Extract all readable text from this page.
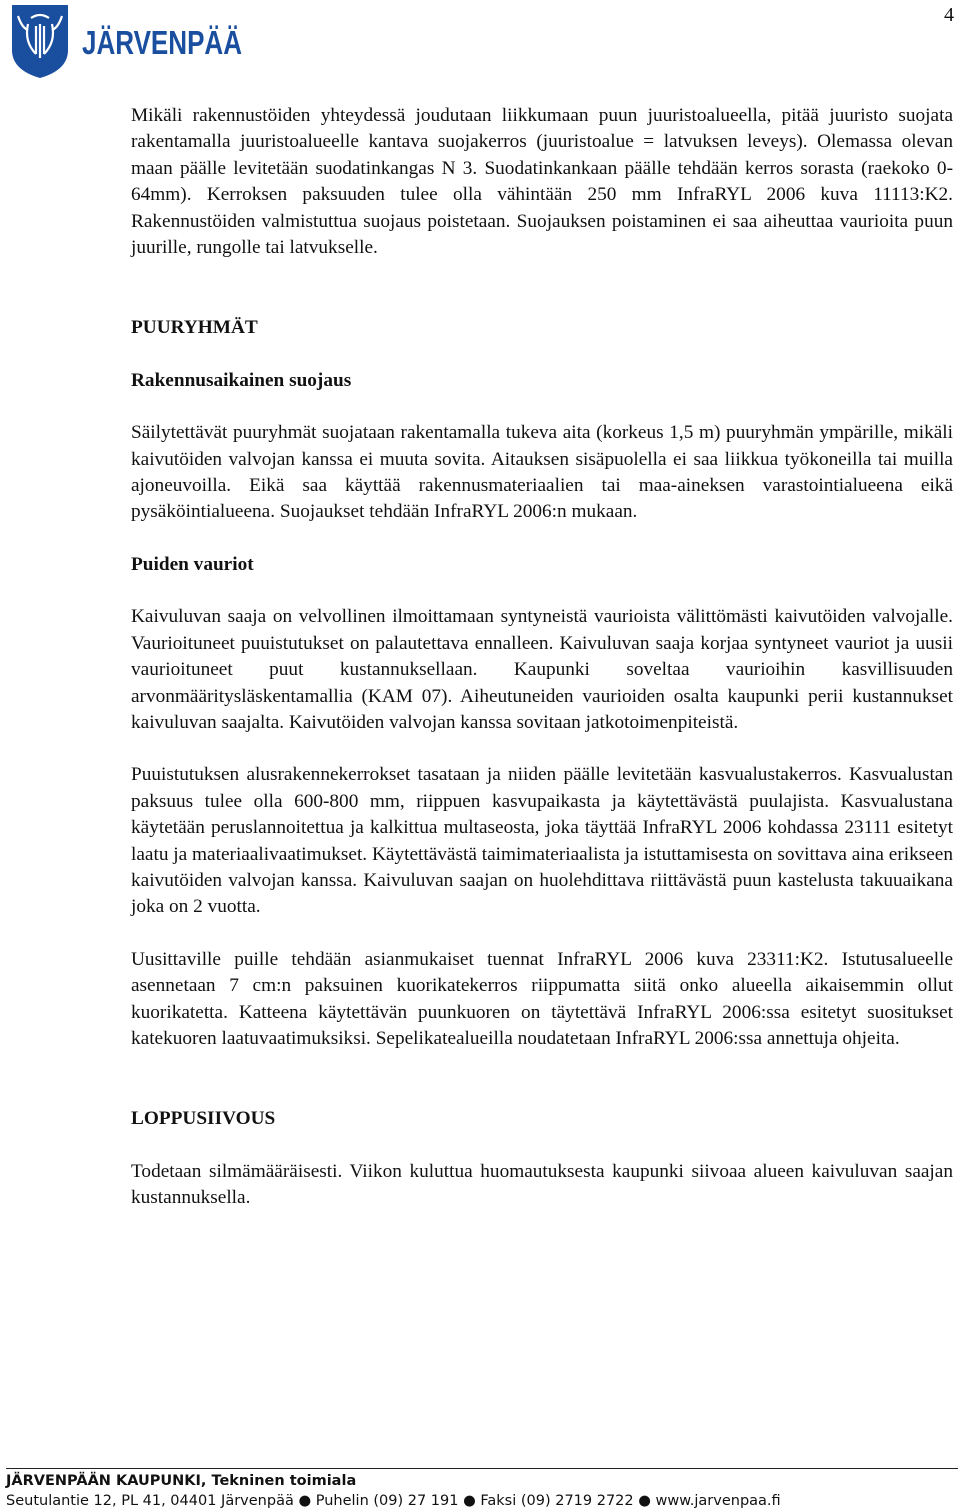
JÄRVENPÄÄ
4

Mikäli rakennustöiden yhteydessä joudutaan liikkumaan puun juuristoalueella, pitää juuristo suojata rakentamalla juuristoalueelle kantava suojakerros (juuristoalue = latvuksen leveys). Olemassa olevan maan päälle levitetään suodatinkangas N 3. Suodatinkankaan päälle tehdään kerros sorasta (raekoko 0-64mm). Kerroksen paksuuden tulee olla vähintään 250 mm InfraRYL 2006 kuva 11113:K2. Rakennustöiden valmistuttua suojaus poistetaan. Suojauksen poistaminen ei saa aiheuttaa vaurioita puun juurille, rungolle tai latvukselle.

PUURYHMÄT

Rakennusaikainen suojaus

Säilytettävät puuryhmät suojataan rakentamalla tukeva aita (korkeus 1,5 m) puuryhmän ympärille, mikäli kaivutöiden valvojan kanssa ei muuta sovita. Aitauksen sisäpuolella ei saa liikkua työkoneilla tai muilla ajoneuvoilla. Eikä saa käyttää rakennusmateriaalien tai maa-aineksen varastointialueena eikä pysäköintialueena. Suojaukset tehdään InfraRYL 2006:n mukaan.

Puiden vauriot

Kaivuluvan saaja on velvollinen ilmoittamaan syntyneistä vaurioista välittömästi kaivutöiden valvojalle. Vaurioituneet puuistutukset on palautettava ennalleen. Kaivuluvan saaja korjaa syntyneet vauriot ja uusii vaurioituneet puut kustannuksellaan. Kaupunki soveltaa vaurioihin kasvillisuuden arvonmääritysläskentamallia (KAM 07). Aiheutuneiden vaurioiden osalta kaupunki perii kustannukset kaivuluvan saajalta. Kaivutöiden valvojan kanssa sovitaan jatkotoimenpiteistä.

Puuistutuksen alusrakennekerrokset tasataan ja niiden päälle levitetään kasvualustakerros. Kasvualustan paksuus tulee olla 600-800 mm, riippuen kasvupaikasta ja käytettävästä puulajista. Kasvualustana käytetään peruslannoitettua ja kalkittua multaseosta, joka täyttää InfraRYL 2006 kohdassa 23111 esitetyt laatu ja materiaalivaatimukset. Käytettävästä taimimateriaalista ja istuttamisesta on sovittava aina erikseen kaivutöiden valvojan kanssa. Kaivuluvan saajan on huolehdittava riittävästä puun kastelusta takuuaikana joka on 2 vuotta.

Uusittaville puille tehdään asianmukaiset tuennat InfraRYL 2006 kuva 23311:K2. Istutusalueelle asennetaan 7 cm:n paksuinen kuorikatekerros riippumatta siitä onko alueella aikaisemmin ollut kuorikatetta. Katteena käytettävän puunkuoren on täytettävä InfraRYL 2006:ssa esitetyt suositukset katekuoren laatuvaatimuksiksi. Sepelikatealueilla noudatetaan InfraRYL 2006:ssa annettuja ohjeita.

LOPPUSIIVOUS

Todetaan silmämääräisesti. Viikon kuluttua huomautuksesta kaupunki siivoaa alueen kaivuluvan saajan kustannuksella.

JÄRVENPÄÄN KAUPUNKI, Tekninen toimiala
Seutulantie 12, PL 41, 04401 Järvenpää ● Puhelin (09) 27 191 ● Faksi (09) 2719 2722 ● www.jarvenpaa.fi
